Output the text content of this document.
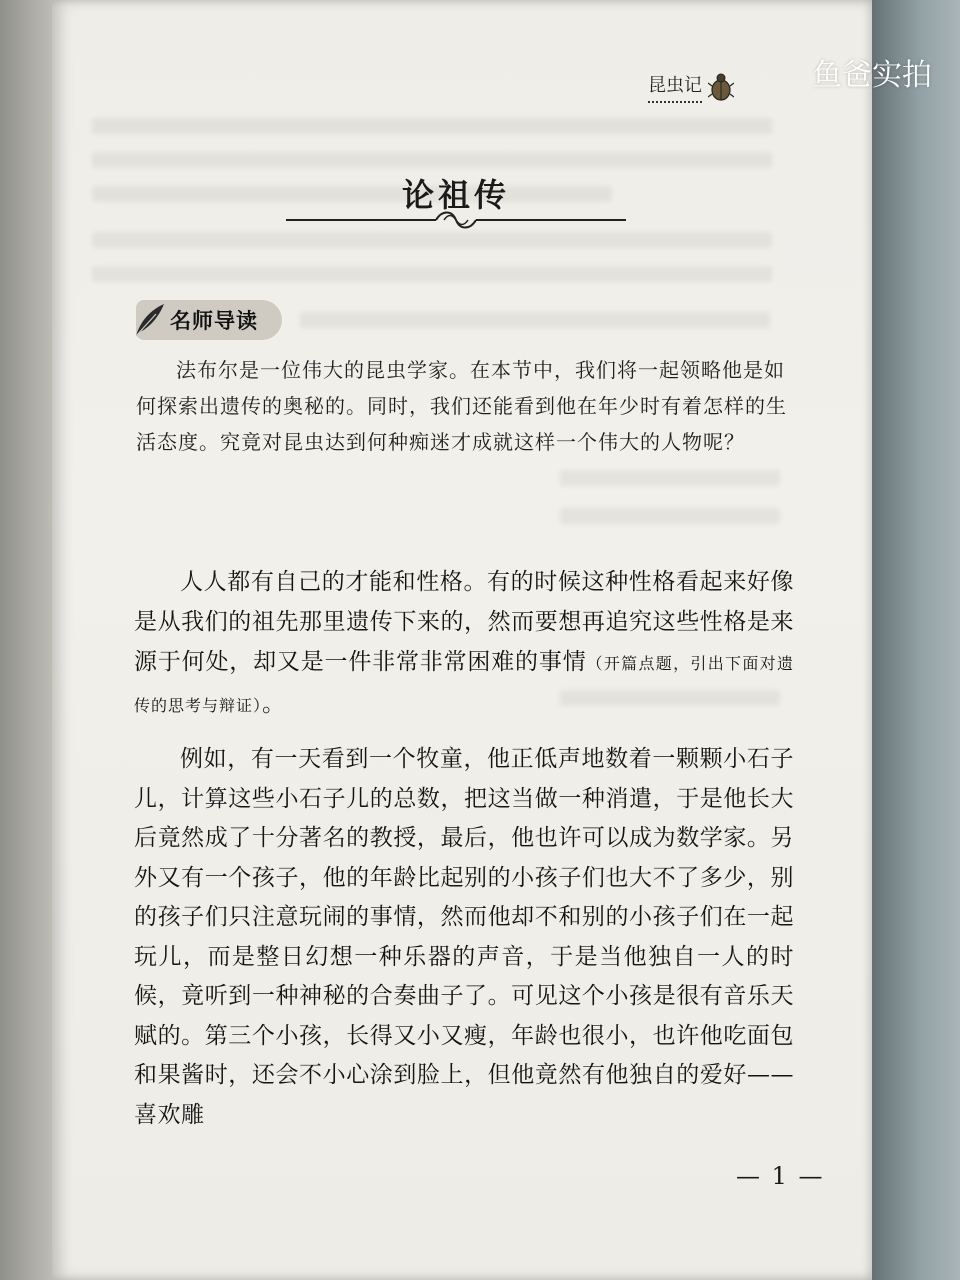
昆虫记
论祖传
名师导读

法布尔是一位伟大的昆虫学家。在本节中，我们将一起领略他是如何探索出遗传的奥秘的。同时，我们还能看到他在年少时有着怎样的生活态度。究竟对昆虫达到何种痴迷才成就这样一个伟大的人物呢？

人人都有自己的才能和性格。有的时候这种性格看起来好像是从我们的祖先那里遗传下来的，然而要想再追究这些性格是来源于何处，却又是一件非常非常困难的事情（开篇点题，引出下面对遗传的思考与辩证）。

例如，有一天看到一个牧童，他正低声地数着一颗颗小石子儿，计算这些小石子儿的总数，把这当做一种消遣，于是他长大后竟然成了十分著名的教授，最后，他也许可以成为数学家。另外又有一个孩子，他的年龄比起别的小孩子们也大不了多少，别的孩子们只注意玩闹的事情，然而他却不和别的小孩子们在一起玩儿，而是整日幻想一种乐器的声音，于是当他独自一人的时候，竟听到一种神秘的合奏曲子了。可见这个小孩是很有音乐天赋的。第三个小孩，长得又小又瘦，年龄也很小，也许他吃面包和果酱时，还会不小心涂到脸上，但他竟然有他独自的爱好——喜欢雕

— 1 —
鱼爸实拍
